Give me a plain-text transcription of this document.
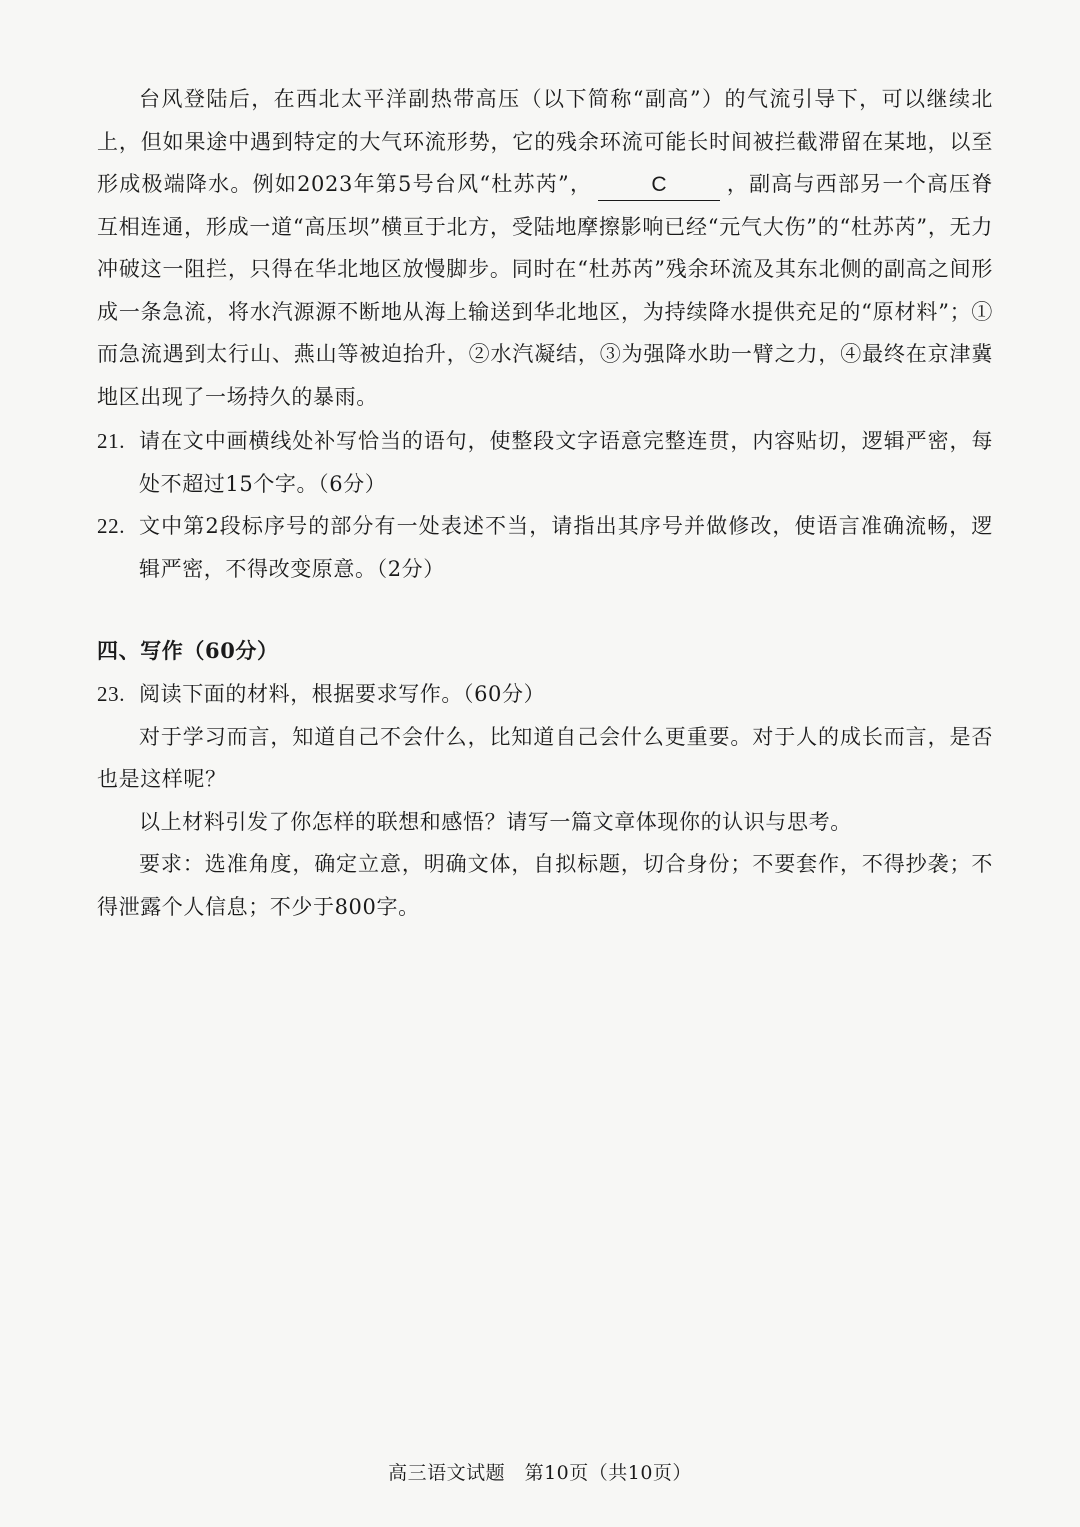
台风登陆后，在西北太平洋副热带高压（以下简称“副高”）的气流引导下，可以继续北上，但如果途中遇到特定的大气环流形势，它的残余环流可能长时间被拦截滞留在某地，以至形成极端降水。例如2023年第5号台风“杜苏芮”，	C	，副高与西部另一个高压脊互相连通，形成一道“高压坝”横亘于北方，受陆地摩擦影响已经“元气大伤”的“杜苏芮”，无力冲破这一阻拦，只得在华北地区放慢脚步。同时在“杜苏芮”残余环流及其东北侧的副高之间形成一条急流，将水汽源源不断地从海上输送到华北地区，为持续降水提供充足的“原材料”；①而急流遇到太行山、燕山等被迫抬升，②水汽凝结，③为强降水助一臂之力，④最终在京津冀地区出现了一场持久的暴雨。

21. 请在文中画横线处补写恰当的语句，使整段文字语意完整连贯，内容贴切，逻辑严密，每处不超过15个字。（6分）
22. 文中第2段标序号的部分有一处表述不当，请指出其序号并做修改，使语言准确流畅，逻辑严密，不得改变原意。（2分）
四、写作（60分）
23. 阅读下面的材料，根据要求写作。（60分）

对于学习而言，知道自己不会什么，比知道自己会什么更重要。对于人的成长而言，是否也是这样呢？

以上材料引发了你怎样的联想和感悟？请写一篇文章体现你的认识与思考。

要求：选准角度，确定立意，明确文体，自拟标题，切合身份；不要套作，不得抄袭；不得泄露个人信息；不少于800字。

高三语文试题　第10页（共10页）
